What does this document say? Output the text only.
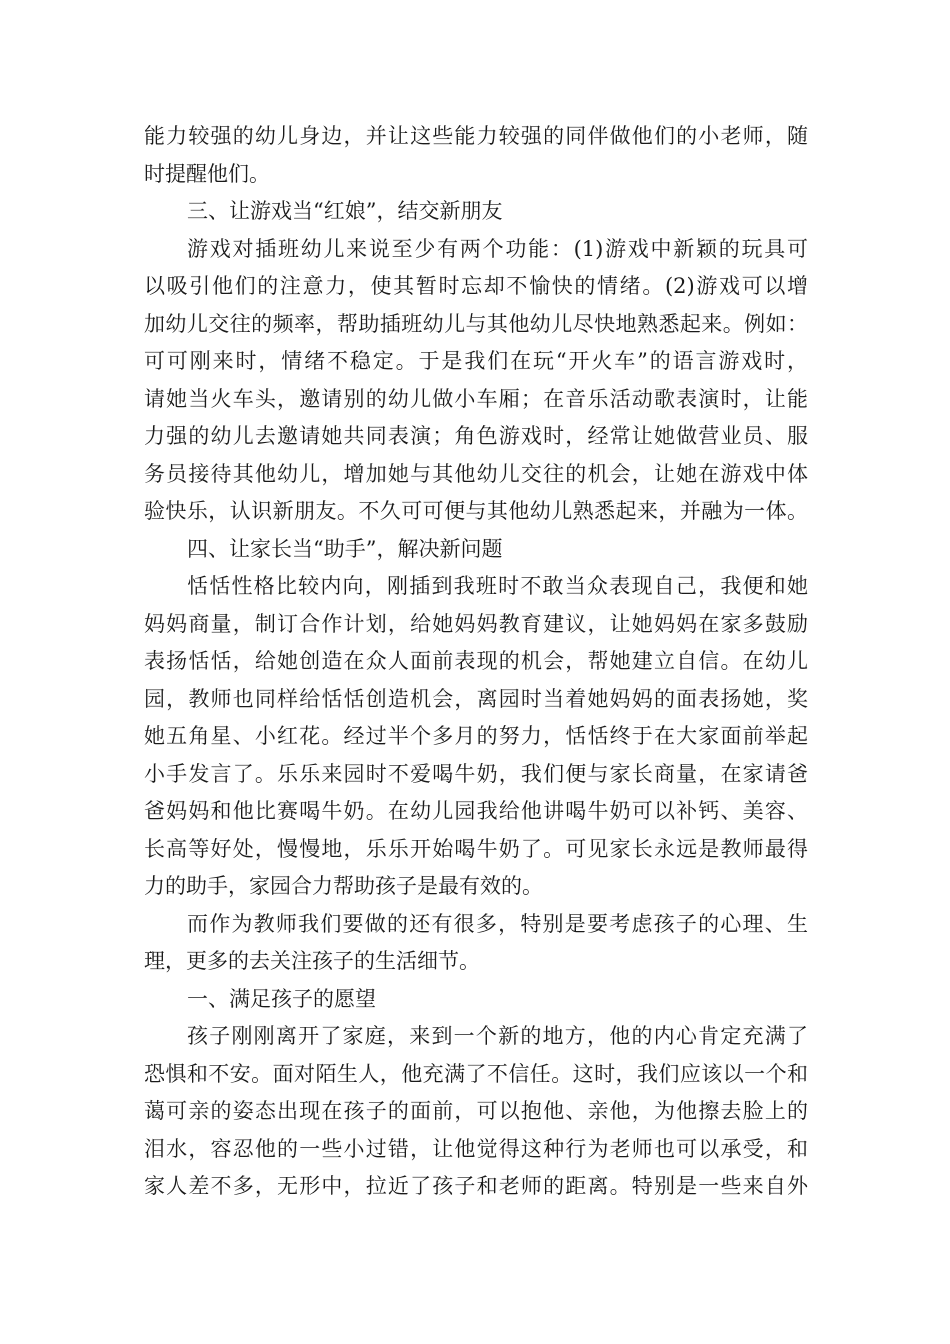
能力较强的幼儿身边，并让这些能力较强的同伴做他们的小老师，随
时提醒他们。
三、让游戏当“红娘”，结交新朋友
游戏对插班幼儿来说至少有两个功能：(1)游戏中新颖的玩具可
以吸引他们的注意力，使其暂时忘却不愉快的情绪。(2)游戏可以增
加幼儿交往的频率，帮助插班幼儿与其他幼儿尽快地熟悉起来。例如：
可可刚来时，情绪不稳定。于是我们在玩“开火车”的语言游戏时，
请她当火车头，邀请别的幼儿做小车厢；在音乐活动歌表演时，让能
力强的幼儿去邀请她共同表演；角色游戏时，经常让她做营业员、服
务员接待其他幼儿，增加她与其他幼儿交往的机会，让她在游戏中体
验快乐，认识新朋友。不久可可便与其他幼儿熟悉起来，并融为一体。
四、让家长当“助手”，解决新问题
恬恬性格比较内向，刚插到我班时不敢当众表现自己，我便和她
妈妈商量，制订合作计划，给她妈妈教育建议，让她妈妈在家多鼓励
表扬恬恬，给她创造在众人面前表现的机会，帮她建立自信。在幼儿
园，教师也同样给恬恬创造机会，离园时当着她妈妈的面表扬她，奖
她五角星、小红花。经过半个多月的努力，恬恬终于在大家面前举起
小手发言了。乐乐来园时不爱喝牛奶，我们便与家长商量，在家请爸
爸妈妈和他比赛喝牛奶。在幼儿园我给他讲喝牛奶可以补钙、美容、
长高等好处，慢慢地，乐乐开始喝牛奶了。可见家长永远是教师最得
力的助手，家园合力帮助孩子是最有效的。
而作为教师我们要做的还有很多，特别是要考虑孩子的心理、生
理，更多的去关注孩子的生活细节。
一、满足孩子的愿望
孩子刚刚离开了家庭，来到一个新的地方，他的内心肯定充满了
恐惧和不安。面对陌生人，他充满了不信任。这时，我们应该以一个和
蔼可亲的姿态出现在孩子的面前，可以抱他、亲他，为他擦去脸上的
泪水，容忍他的一些小过错，让他觉得这种行为老师也可以承受，和
家人差不多，无形中，拉近了孩子和老师的距离。特别是一些来自外
